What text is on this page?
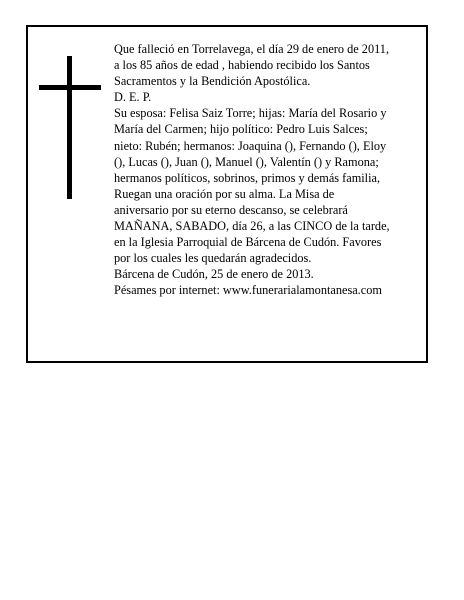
Que falleció en Torrelavega, el día 29 de enero de 2011,
a los 85 años de edad , habiendo recibido los Santos
Sacramentos y la Bendición Apostólica.
D. E. P.
Su esposa: Felisa Saiz Torre; hijas: María del Rosario y
María del Carmen; hijo político: Pedro Luis Salces;
nieto: Rubén; hermanos: Joaquina (), Fernando (), Eloy
(), Lucas (), Juan (), Manuel (), Valentín () y Ramona;
hermanos políticos, sobrinos, primos y demás familia,
Ruegan una oración por su alma. La Misa de
aniversario por su eterno descanso, se celebrará
MAÑANA, SABADO, día 26, a las CINCO de la tarde,
en la Iglesia Parroquial de Bárcena de Cudón. Favores
por los cuales les quedarán agradecidos.
Bárcena de Cudón, 25 de enero de 2013.
Pésames por internet: www.funerarialamontanesa.com
